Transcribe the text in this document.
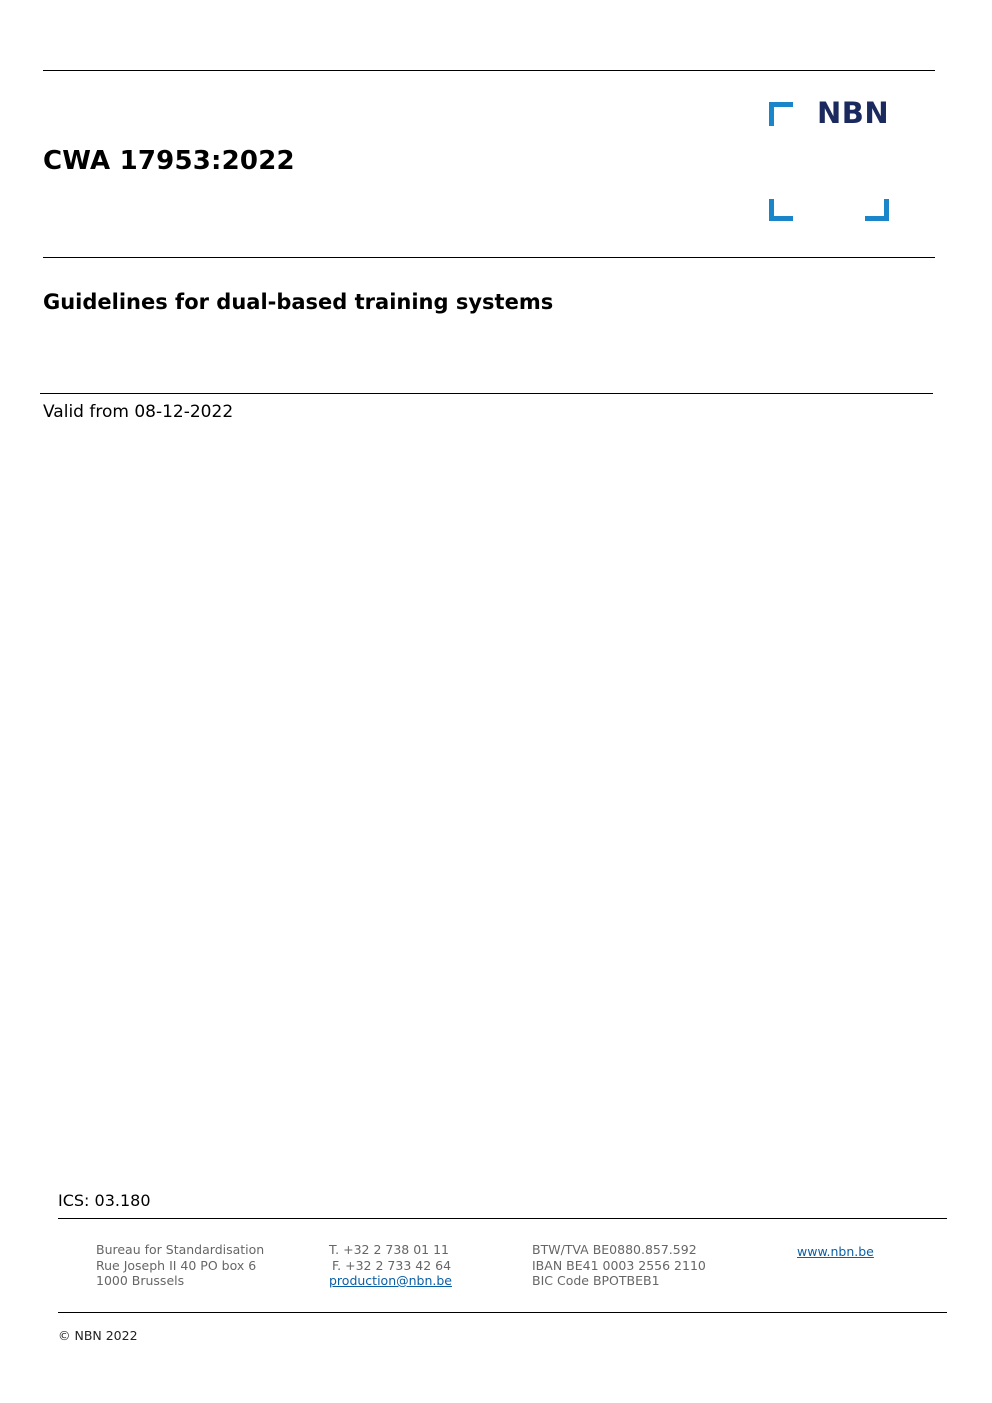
CWA 17953:2022
NBN
Guidelines for dual-based training systems
Valid from 08-12-2022
ICS: 03.180
Bureau for Standardisation
Rue Joseph II 40 PO box 6
1000 Brussels
T. +32 2 738 01 11
F. +32 2 733 42 64
production@nbn.be
BTW/TVA BE0880.857.592
IBAN BE41 0003 2556 2110
BIC Code BPOTBEB1
www.nbn.be
© NBN 2022
